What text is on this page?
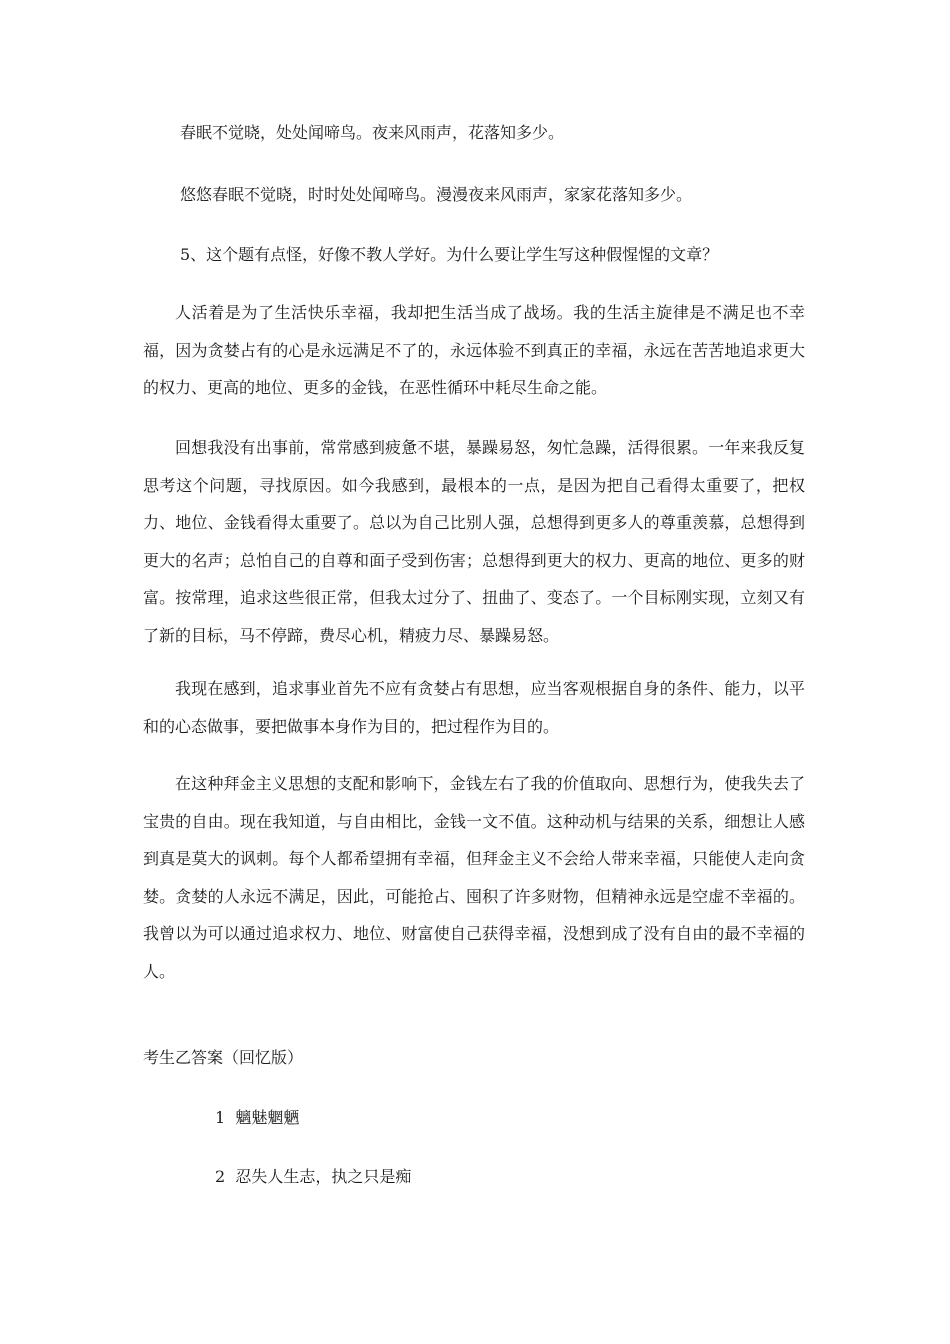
春眠不觉晓，处处闻啼鸟。夜来风雨声，花落知多少。

悠悠春眠不觉晓，时时处处闻啼鸟。漫漫夜来风雨声，家家花落知多少。

5、这个题有点怪，好像不教人学好。为什么要让学生写这种假惺惺的文章？

人活着是为了生活快乐幸福，我却把生活当成了战场。我的生活主旋律是不满足也不幸福，因为贪婪占有的心是永远满足不了的，永远体验不到真正的幸福，永远在苦苦地追求更大的权力、更高的地位、更多的金钱，在恶性循环中耗尽生命之能。

回想我没有出事前，常常感到疲惫不堪，暴躁易怒，匆忙急躁，活得很累。一年来我反复思考这个问题，寻找原因。如今我感到，最根本的一点，是因为把自己看得太重要了，把权力、地位、金钱看得太重要了。总以为自己比别人强，总想得到更多人的尊重羡慕，总想得到更大的名声；总怕自己的自尊和面子受到伤害；总想得到更大的权力、更高的地位、更多的财富。按常理，追求这些很正常，但我太过分了、扭曲了、变态了。一个目标刚实现，立刻又有了新的目标，马不停蹄，费尽心机，精疲力尽、暴躁易怒。

我现在感到，追求事业首先不应有贪婪占有思想，应当客观根据自身的条件、能力，以平和的心态做事，要把做事本身作为目的，把过程作为目的。

在这种拜金主义思想的支配和影响下，金钱左右了我的价值取向、思想行为，使我失去了宝贵的自由。现在我知道，与自由相比，金钱一文不值。这种动机与结果的关系，细想让人感到真是莫大的讽刺。每个人都希望拥有幸福，但拜金主义不会给人带来幸福，只能使人走向贪婪。贪婪的人永远不满足，因此，可能抢占、囤积了许多财物，但精神永远是空虚不幸福的。我曾以为可以通过追求权力、地位、财富使自己获得幸福，没想到成了没有自由的最不幸福的人。

考生乙答案（回忆版）

1  魑魅魍魉

2  忍失人生志，执之只是痴
